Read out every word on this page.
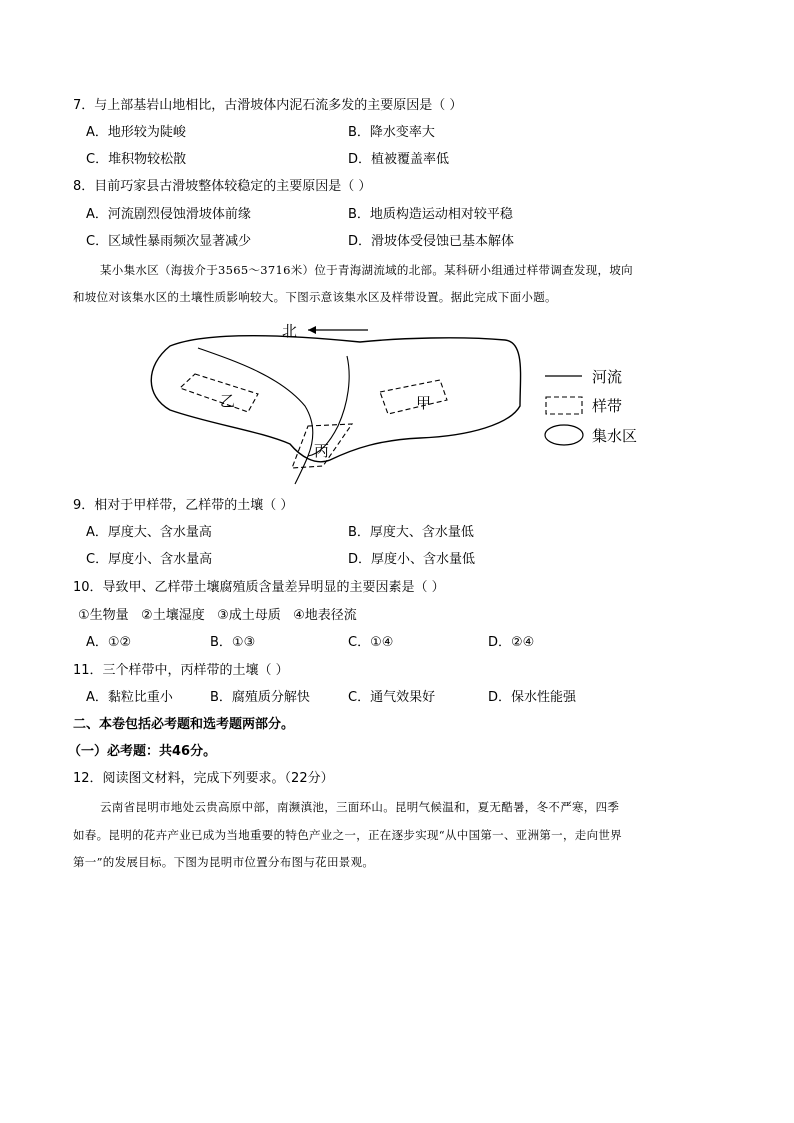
7．与上部基岩山地相比，古滑坡体内泥石流多发的主要原因是（ ）
A．地形较为陡峻	B．降水变率大
C．堆积物较松散	D．植被覆盖率低
8．目前巧家县古滑坡整体较稳定的主要原因是（ ）
A．河流剧烈侵蚀滑坡体前缘	B．地质构造运动相对较平稳
C．区域性暴雨频次显著减少	D．滑坡体受侵蚀已基本解体
某小集水区（海拔介于3565～3716米）位于青海湖流域的北部。某科研小组通过样带调查发现，坡向
和坡位对该集水区的土壤性质影响较大。下图示意该集水区及样带设置。据此完成下面小题。
北
乙	甲
丙
河流
样带
集水区
9．相对于甲样带，乙样带的土壤（ ）
A．厚度大、含水量高	B．厚度大、含水量低
C．厚度小、含水量高	D．厚度小、含水量低
10．导致甲、乙样带土壤腐殖质含量差异明显的主要因素是（ ）
①生物量   ②土壤湿度   ③成土母质   ④地表径流
A．①②	B．①③	C．①④	D．②④
11．三个样带中，丙样带的土壤（ ）
A．黏粒比重小	B．腐殖质分解快	C．通气效果好	D．保水性能强
二、本卷包括必考题和选考题两部分。
（一）必考题：共46分。
12．阅读图文材料，完成下列要求。（22分）
云南省昆明市地处云贵高原中部，南濒滇池，三面环山。昆明气候温和，夏无酷暑，冬不严寒，四季
如春。昆明的花卉产业已成为当地重要的特色产业之一，正在逐步实现“从中国第一、亚洲第一，走向世界
第一”的发展目标。下图为昆明市位置分布图与花田景观。
